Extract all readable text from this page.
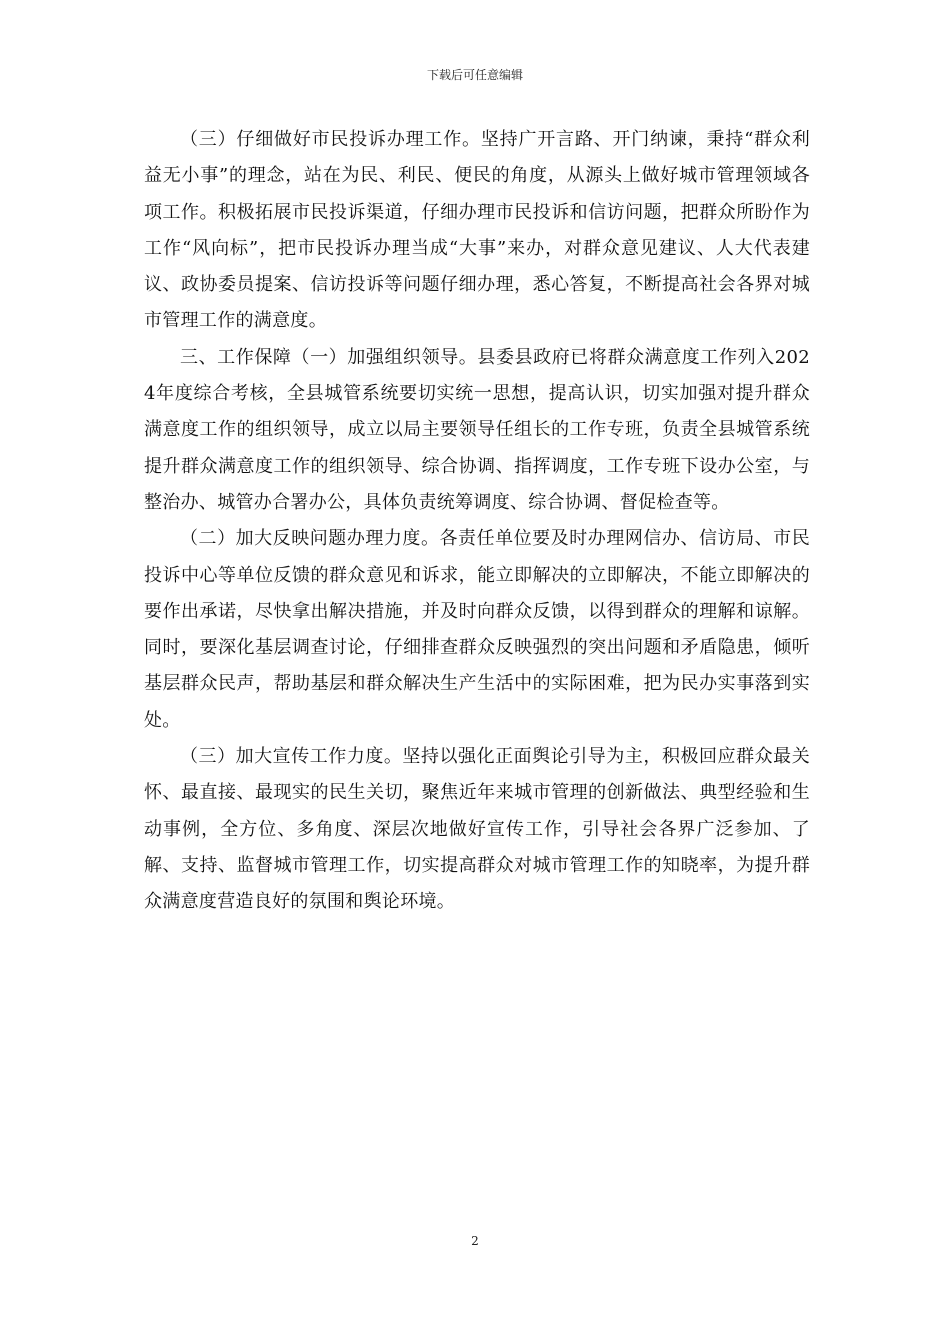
下载后可任意编辑

（三）仔细做好市民投诉办理工作。坚持广开言路、开门纳谏，秉持“群众利益无小事”的理念，站在为民、利民、便民的角度，从源头上做好城市管理领域各项工作。积极拓展市民投诉渠道，仔细办理市民投诉和信访问题，把群众所盼作为工作“风向标”，把市民投诉办理当成“大事”来办，对群众意见建议、人大代表建议、政协委员提案、信访投诉等问题仔细办理，悉心答复，不断提高社会各界对城市管理工作的满意度。

三、工作保障（一）加强组织领导。县委县政府已将群众满意度工作列入2024年度综合考核，全县城管系统要切实统一思想，提高认识，切实加强对提升群众满意度工作的组织领导，成立以局主要领导任组长的工作专班，负责全县城管系统提升群众满意度工作的组织领导、综合协调、指挥调度，工作专班下设办公室，与整治办、城管办合署办公，具体负责统筹调度、综合协调、督促检查等。

（二）加大反映问题办理力度。各责任单位要及时办理网信办、信访局、市民投诉中心等单位反馈的群众意见和诉求，能立即解决的立即解决，不能立即解决的要作出承诺，尽快拿出解决措施，并及时向群众反馈，以得到群众的理解和谅解。同时，要深化基层调查讨论，仔细排查群众反映强烈的突出问题和矛盾隐患，倾听基层群众民声，帮助基层和群众解决生产生活中的实际困难，把为民办实事落到实处。

（三）加大宣传工作力度。坚持以强化正面舆论引导为主，积极回应群众最关怀、最直接、最现实的民生关切，聚焦近年来城市管理的创新做法、典型经验和生动事例，全方位、多角度、深层次地做好宣传工作，引导社会各界广泛参加、了解、支持、监督城市管理工作，切实提高群众对城市管理工作的知晓率，为提升群众满意度营造良好的氛围和舆论环境。

2
